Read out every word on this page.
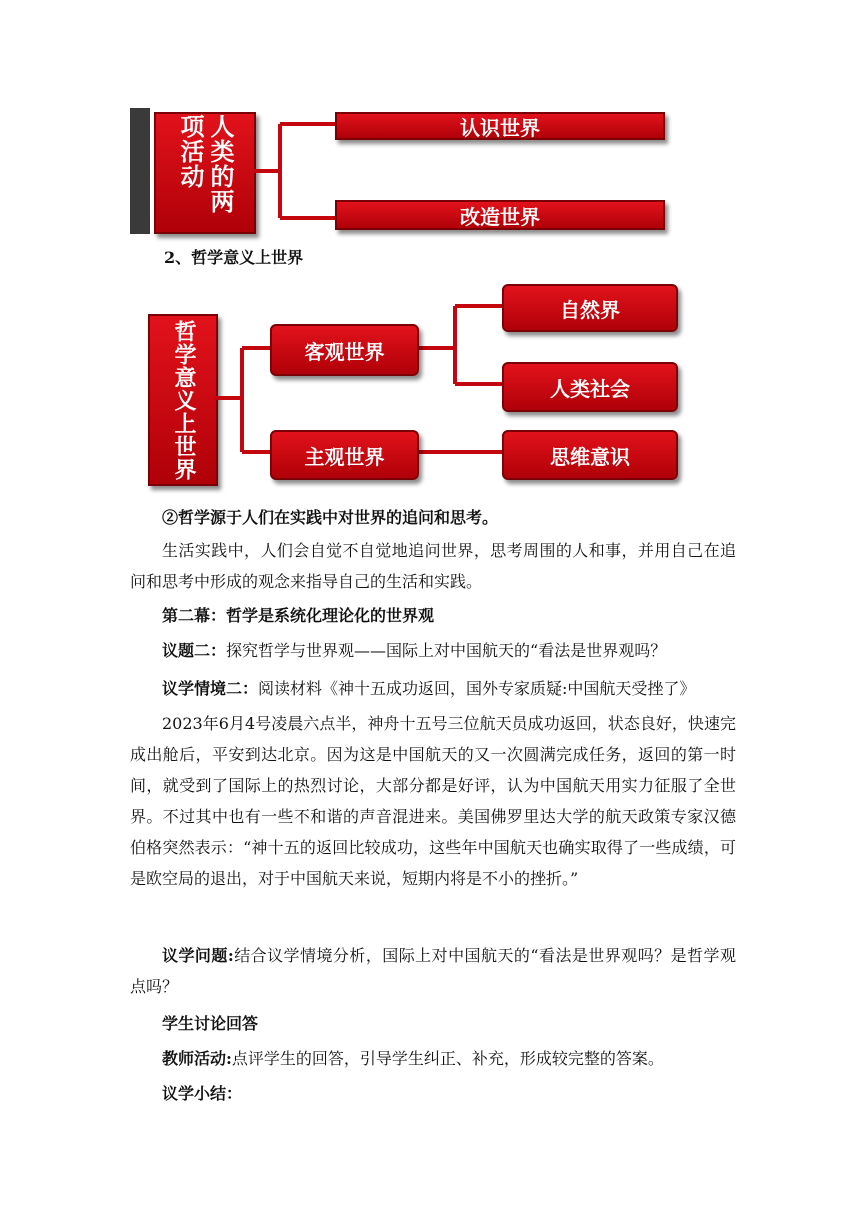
人类的两项活动	认识世界
改造世界
2、哲学意义上世界
哲学意义上世界	客观世界
主观世界
自然界
人类社会
思维意识
②哲学源于人们在实践中对世界的追问和思考。
生活实践中，人们会自觉不自觉地追问世界，思考周围的人和事，并用自己在追问和思考中形成的观念来指导自己的生活和实践。
第二幕：哲学是系统化理论化的世界观
议题二：探究哲学与世界观——国际上对中国航天的“看法是世界观吗？
议学情境二：阅读材料《神十五成功返回，国外专家质疑:中国航天受挫了》
2023年6月4号凌晨六点半，神舟十五号三位航天员成功返回，状态良好，快速完成出舱后，平安到达北京。因为这是中国航天的又一次圆满完成任务，返回的第一时间，就受到了国际上的热烈讨论，大部分都是好评，认为中国航天用实力征服了全世界。不过其中也有一些不和谐的声音混进来。美国佛罗里达大学的航天政策专家汉德伯格突然表示：“神十五的返回比较成功，这些年中国航天也确实取得了一些成绩，可是欧空局的退出，对于中国航天来说，短期内将是不小的挫折。”
议学问题:结合议学情境分析，国际上对中国航天的“看法是世界观吗？是哲学观点吗？
学生讨论回答
教师活动:点评学生的回答，引导学生纠正、补充，形成较完整的答案。
议学小结：
